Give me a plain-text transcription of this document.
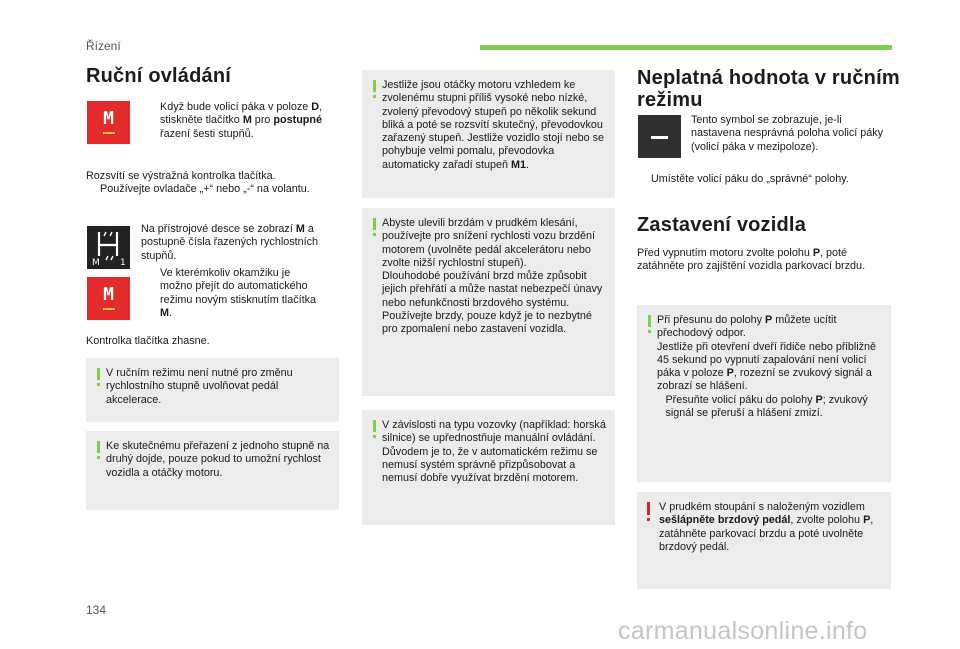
Řízení
Ruční ovládání
M
Když bude volicí páka v poloze D, stiskněte tlačítko M pro postupné řazení šesti stupňů.
Rozsvítí se výstražná kontrolka tlačítka.
Používejte ovladače „+“ nebo „-“ na volantu.
M 1
Na přístrojové desce se zobrazí M a postupně čísla řazených rychlostních stupňů.
M
Ve kterémkoliv okamžiku je možno přejít do automatického režimu novým stisknutím tlačítka M.
Kontrolka tlačítka zhasne.
V ručním režimu není nutné pro změnu rychlostního stupně uvolňovat pedál akcelerace.
Ke skutečnému přeřazení z jednoho stupně na druhý dojde, pouze pokud to umožní rychlost vozidla a otáčky motoru.
Jestliže jsou otáčky motoru vzhledem ke zvolenému stupni příliš vysoké nebo nízké, zvolený převodový stupeň po několik sekund bliká a poté se rozsvítí skutečný, převodovkou zařazený stupeň. Jestliže vozidlo stojí nebo se pohybuje velmi pomalu, převodovka automaticky zařadí stupeň M1.
Abyste ulevili brzdám v prudkém klesání, používejte pro snížení rychlosti vozu brzdění motorem (uvolněte pedál akcelerátoru nebo zvolte nižší rychlostní stupeň).
Dlouhodobé používání brzd může způsobit jejich přehřátí a může nastat nebezpečí únavy nebo nefunkčnosti brzdového systému.
Používejte brzdy, pouze když je to nezbytné pro zpomalení nebo zastavení vozidla.
V závislosti na typu vozovky (například: horská silnice) se upřednostňuje manuální ovládání.
Důvodem je to, že v automatickém režimu se nemusí systém správně přizpůsobovat a nemusí dobře využívat brzdění motorem.
Neplatná hodnota v ručním
režimu
Tento symbol se zobrazuje, je-li nastavena nesprávná poloha volicí páky (volicí páka v mezipoloze).
Umístěte volicí páku do „správné“ polohy.
Zastavení vozidla
Před vypnutím motoru zvolte polohu P, poté zatáhněte pro zajištění vozidla parkovací brzdu.
Při přesunu do polohy P můžete ucítit přechodový odpor.
Jestliže při otevření dveří řidiče nebo přibližně 45 sekund po vypnutí zapalování není volicí páka v poloze P, rozezní se zvukový signál a zobrazí se hlášení.
Přesuňte volicí páku do polohy P; zvukový signál se přeruší a hlášení zmizí.
V prudkém stoupání s naloženým vozidlem sešlápněte brzdový pedál, zvolte polohu P, zatáhněte parkovací brzdu a poté uvolněte brzdový pedál.
134
carmanualsonline.info
